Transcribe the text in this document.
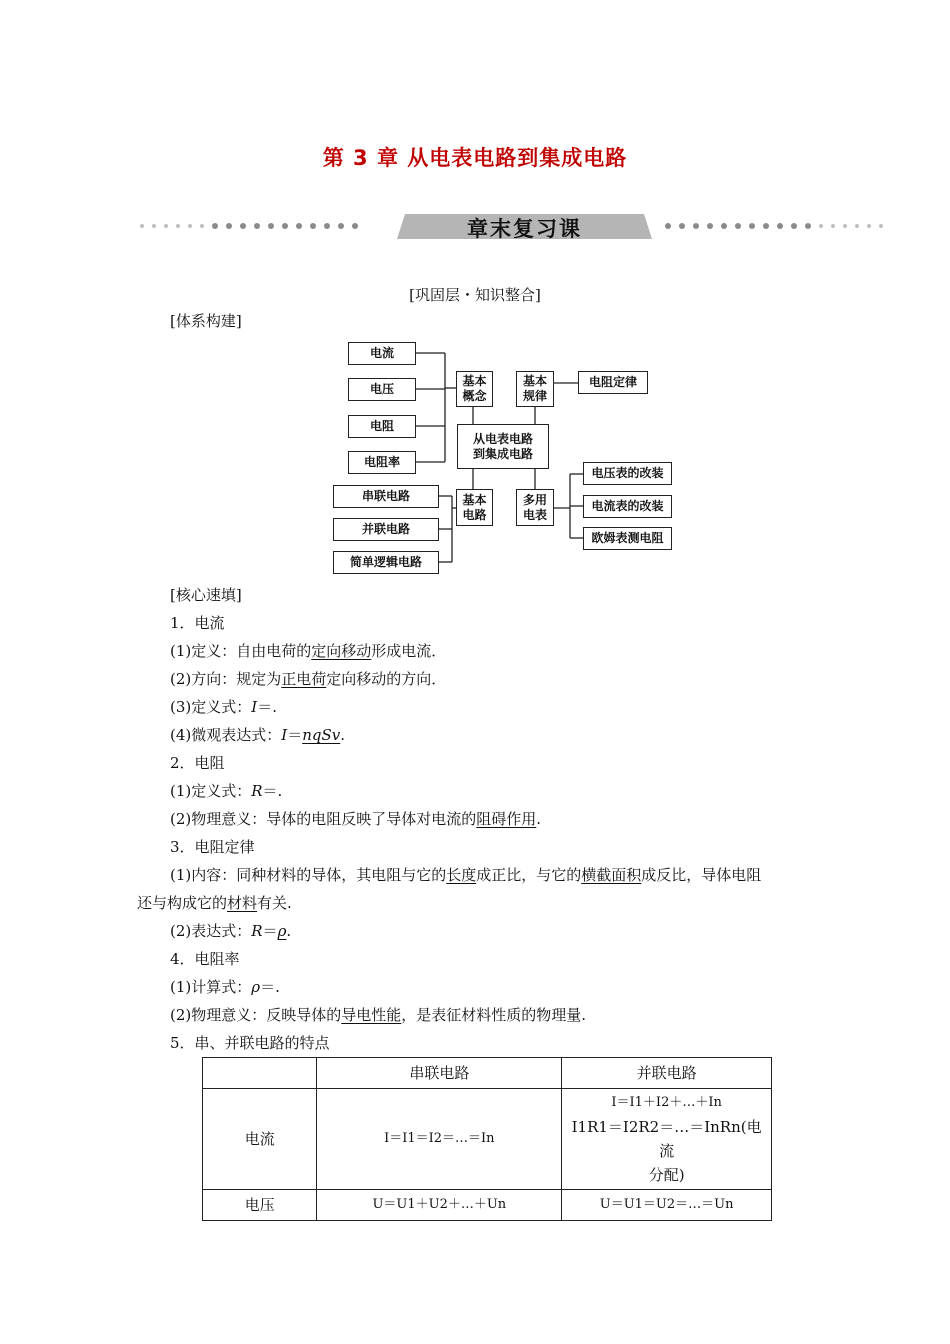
第 3 章 从电表电路到集成电路
章末复习课
[巩固层・知识整合]
[体系构建]
电流
电压
电阻
电阻率
基本
概念
基本
规律
电阻定律
从电表电路
到集成电路
串联电路
并联电路
简单逻辑电路
基本
电路
多用
电表
电压表的改装
电流表的改装
欧姆表测电阻
[核心速填]
1．电流
(1)定义：自由电荷的定向移动形成电流．
(2)方向：规定为正电荷定向移动的方向．
(3)定义式：I＝.
(4)微观表达式：I＝nqSv.
2．电阻
(1)定义式：R＝.
(2)物理意义：导体的电阻反映了导体对电流的阻碍作用.
3．电阻定律
(1)内容：同种材料的导体，其电阻与它的长度成正比，与它的横截面积成反比，导体电阻
还与构成它的材料有关.
(2)表达式：R＝ρ.
4．电阻率
(1)计算式：ρ＝.
(2)物理意义：反映导体的导电性能，是表征材料性质的物理量.
5．串、并联电路的特点
	串联电路	并联电路
电流	I＝I1＝I2＝…＝In	I＝I1＋I2＋…＋In
I1R1＝I2R2＝…＝InRn(电流
分配)

电压	U＝U1＋U2＋…＋Un	U＝U1＝U2＝…＝Un
